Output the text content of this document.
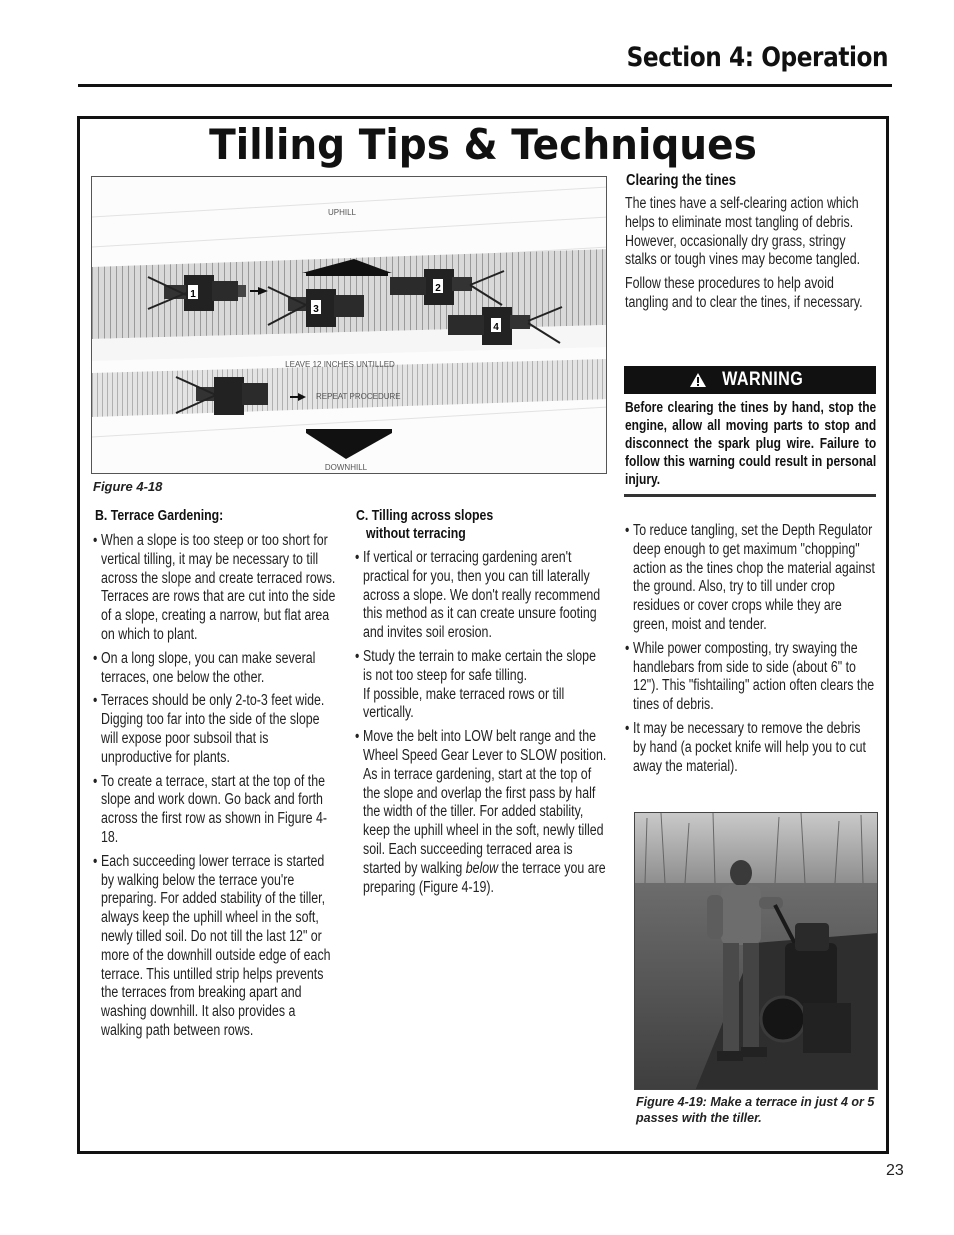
Section 4: Operation
Tilling Tips & Techniques
UPHILL
1
2
3
4
LEAVE 12 INCHES UNTILLED
REPEAT PROCEDURE
DOWNHILL
Figure 4-18
B. Terrace Gardening:

• When a slope is too steep or too short for vertical tilling, it may be necessary to till across the slope and create terraced rows. Terraces are rows that are cut into the side of a slope, creating a narrow, but flat area on which to plant.

• On a long slope, you can make several terraces, one below the other.

• Terraces should be only 2-to-3 feet wide. Digging too far into the side of the slope will expose poor subsoil that is unproductive for plants.

• To create a terrace, start at the top of the slope and work down. Go back and forth across the first row as shown in Figure 4-18.

• Each succeeding lower terrace is started by walking below the terrace you're preparing. For added stability of the tiller, always keep the uphill wheel in the soft, newly tilled soil. Do not till the last 12" or more of the downhill outside edge of each terrace. This untilled strip helps prevents the terraces from breaking apart and washing downhill. It also provides a walking path between rows.

C. Tilling across slopes
without terracing

• If vertical or terracing gardening aren't practical for you, then you can till laterally across a slope. We don't really recommend this method as it can create unsure footing and invites soil erosion.

• Study the terrain to make certain the slope is not too steep for safe tilling.

If possible, make terraced rows or till vertically.

• Move the belt into LOW belt range and the Wheel Speed Gear Lever to SLOW position. As in terrace gardening, start at the top of the slope and overlap the first pass by half the width of the tiller. For added stability, keep the uphill wheel in the soft, newly tilled soil. Each succeeding terraced area is started by walking below the terrace you are preparing (Figure 4-19).

Clearing the tines

The tines have a self-clearing action which helps to eliminate most tangling of debris. However, occasionally dry grass, stringy stalks or tough vines may become tangled.

Follow these procedures to help avoid tangling and to clear the tines, if necessary.

WARNING
Before clearing the tines by hand, stop the engine, allow all moving parts to stop and disconnect the spark plug wire. Failure to follow this warning could result in personal injury.

• To reduce tangling, set the Depth Regulator deep enough to get maximum "chopping" action as the tines chop the material against the ground. Also, try to till under crop residues or cover crops while they are green, moist and tender.

• While power composting, try swaying the handlebars from side to side (about 6" to 12"). This "fishtailing" action often clears the tines of debris.

• It may be necessary to remove the debris by hand (a pocket knife will help you to cut away the material).

Figure 4-19: Make a terrace in just 4 or 5 passes with the tiller.
23
